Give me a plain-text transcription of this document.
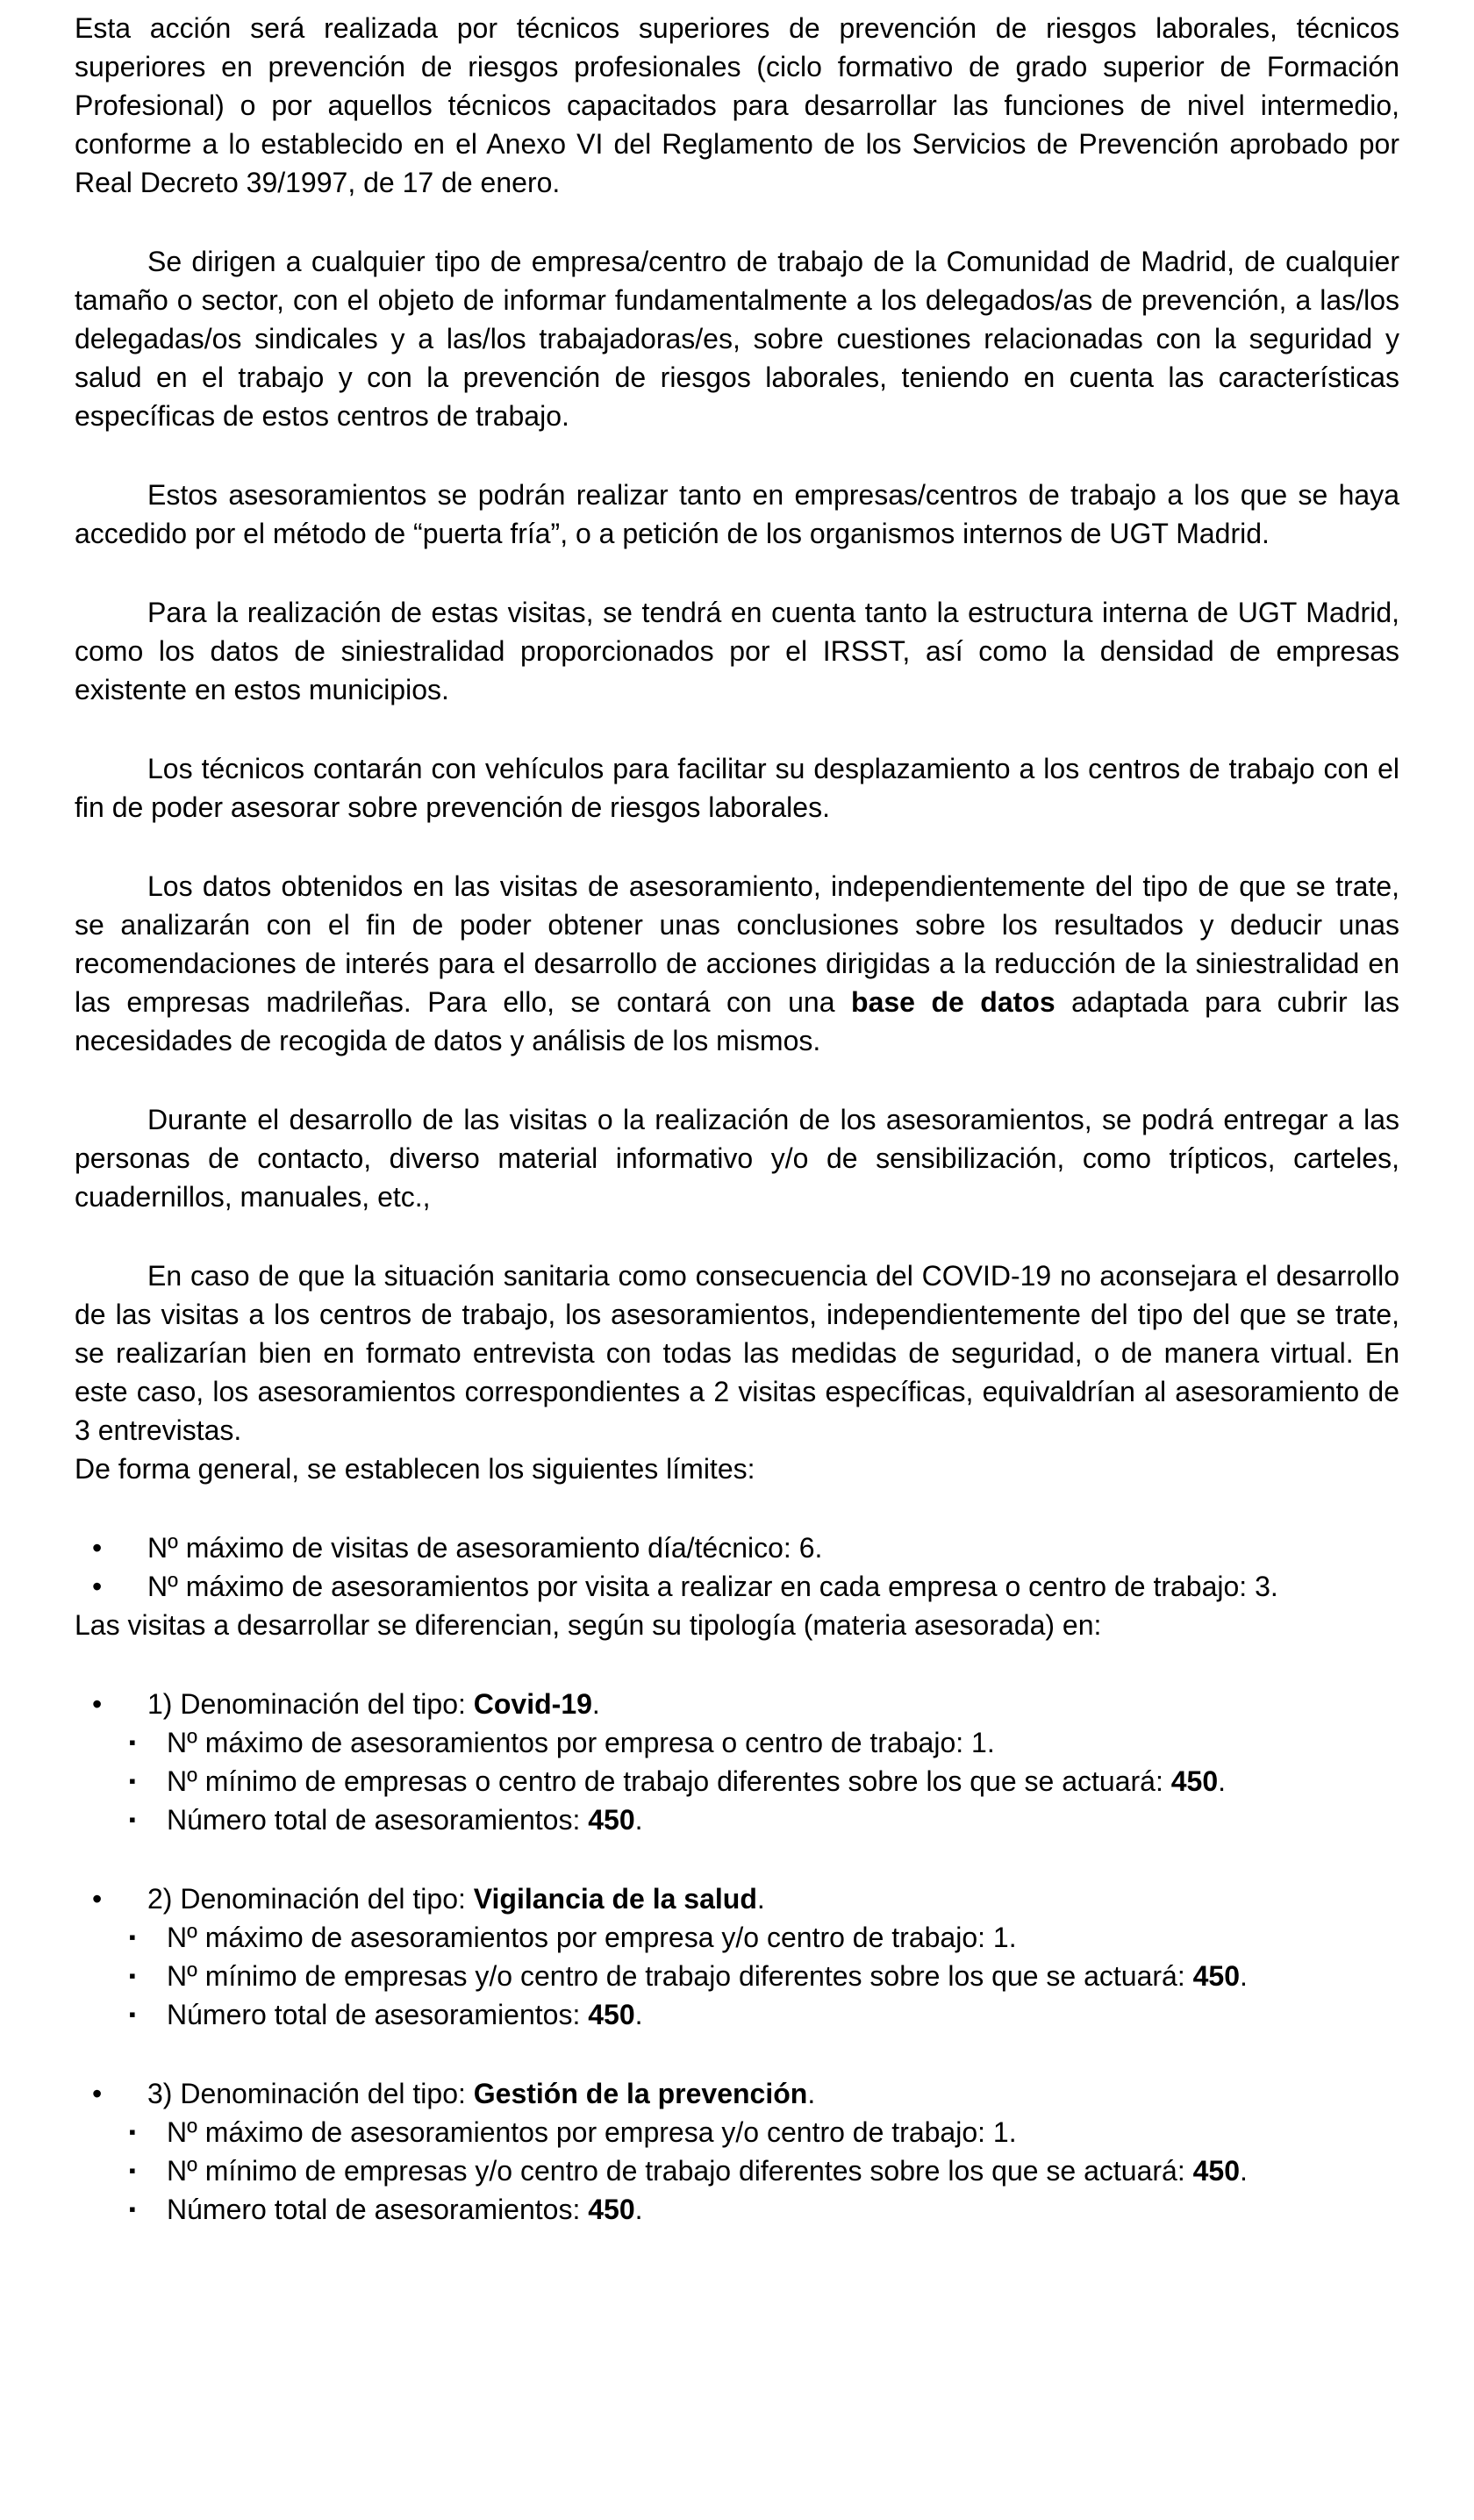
Esta acción será realizada por técnicos superiores de prevención de riesgos laborales, técnicos superiores en prevención de riesgos profesionales (ciclo formativo de grado superior de Formación Profesional) o por aquellos técnicos capacitados para desarrollar las funciones de nivel intermedio, conforme a lo establecido en el Anexo VI del Reglamento de los Servicios de Prevención aprobado por Real Decreto 39/1997, de 17 de enero.

Se dirigen a cualquier tipo de empresa/centro de trabajo de la Comunidad de Madrid, de cualquier tamaño o sector, con el objeto de informar fundamentalmente a los delegados/as de prevención, a las/los delegadas/os sindicales y a las/los trabajadoras/es, sobre cuestiones relacionadas con la seguridad y salud en el trabajo y con la prevención de riesgos laborales, teniendo en cuenta las características específicas de estos centros de trabajo.

Estos asesoramientos se podrán realizar tanto en empresas/centros de trabajo a los que se haya accedido por el método de “puerta fría”, o a petición de los organismos internos de UGT Madrid.

Para la realización de estas visitas, se tendrá en cuenta tanto la estructura interna de UGT Madrid, como los datos de siniestralidad proporcionados por el IRSST, así como la densidad de empresas existente en estos municipios.

Los técnicos contarán con vehículos para facilitar su desplazamiento a los centros de trabajo con el fin de poder asesorar sobre prevención de riesgos laborales.

Los datos obtenidos en las visitas de asesoramiento, independientemente del tipo de que se trate, se analizarán con el fin de poder obtener unas conclusiones sobre los resultados y deducir unas recomendaciones de interés para el desarrollo de acciones dirigidas a la reducción de la siniestralidad en las empresas madrileñas. Para ello, se contará con una base de datos adaptada para cubrir las necesidades de recogida de datos y análisis de los mismos.

Durante el desarrollo de las visitas o la realización de los asesoramientos, se podrá entregar a las personas de contacto, diverso material informativo y/o de sensibilización, como trípticos, carteles, cuadernillos, manuales, etc.,

En caso de que la situación sanitaria como consecuencia del COVID-19 no aconsejara el desarrollo de las visitas a los centros de trabajo, los asesoramientos, independientemente del tipo del que se trate, se realizarían bien en formato entrevista con todas las medidas de seguridad, o de manera virtual. En este caso, los asesoramientos correspondientes a 2 visitas específicas, equivaldrían al asesoramiento de 3 entrevistas.

De forma general, se establecen los siguientes límites:

•	Nº máximo de visitas de asesoramiento día/técnico: 6.
•	Nº máximo de asesoramientos por visita a realizar en cada empresa o centro de trabajo: 3.

Las visitas a desarrollar se diferencian, según su tipología (materia asesorada) en:

•	1) Denominación del tipo: Covid-19.
▪	Nº máximo de asesoramientos por empresa o centro de trabajo: 1.
▪	Nº mínimo de empresas o centro de trabajo diferentes sobre los que se actuará: 450.
▪	Número total de asesoramientos: 450.
•	2) Denominación del tipo: Vigilancia de la salud.
▪	Nº máximo de asesoramientos por empresa y/o centro de trabajo: 1.
▪	Nº mínimo de empresas y/o centro de trabajo diferentes sobre los que se actuará: 450.
▪	Número total de asesoramientos: 450.
•	3) Denominación del tipo: Gestión de la prevención.
▪	Nº máximo de asesoramientos por empresa y/o centro de trabajo: 1.
▪	Nº mínimo de empresas y/o centro de trabajo diferentes sobre los que se actuará: 450.
▪	Número total de asesoramientos: 450.
